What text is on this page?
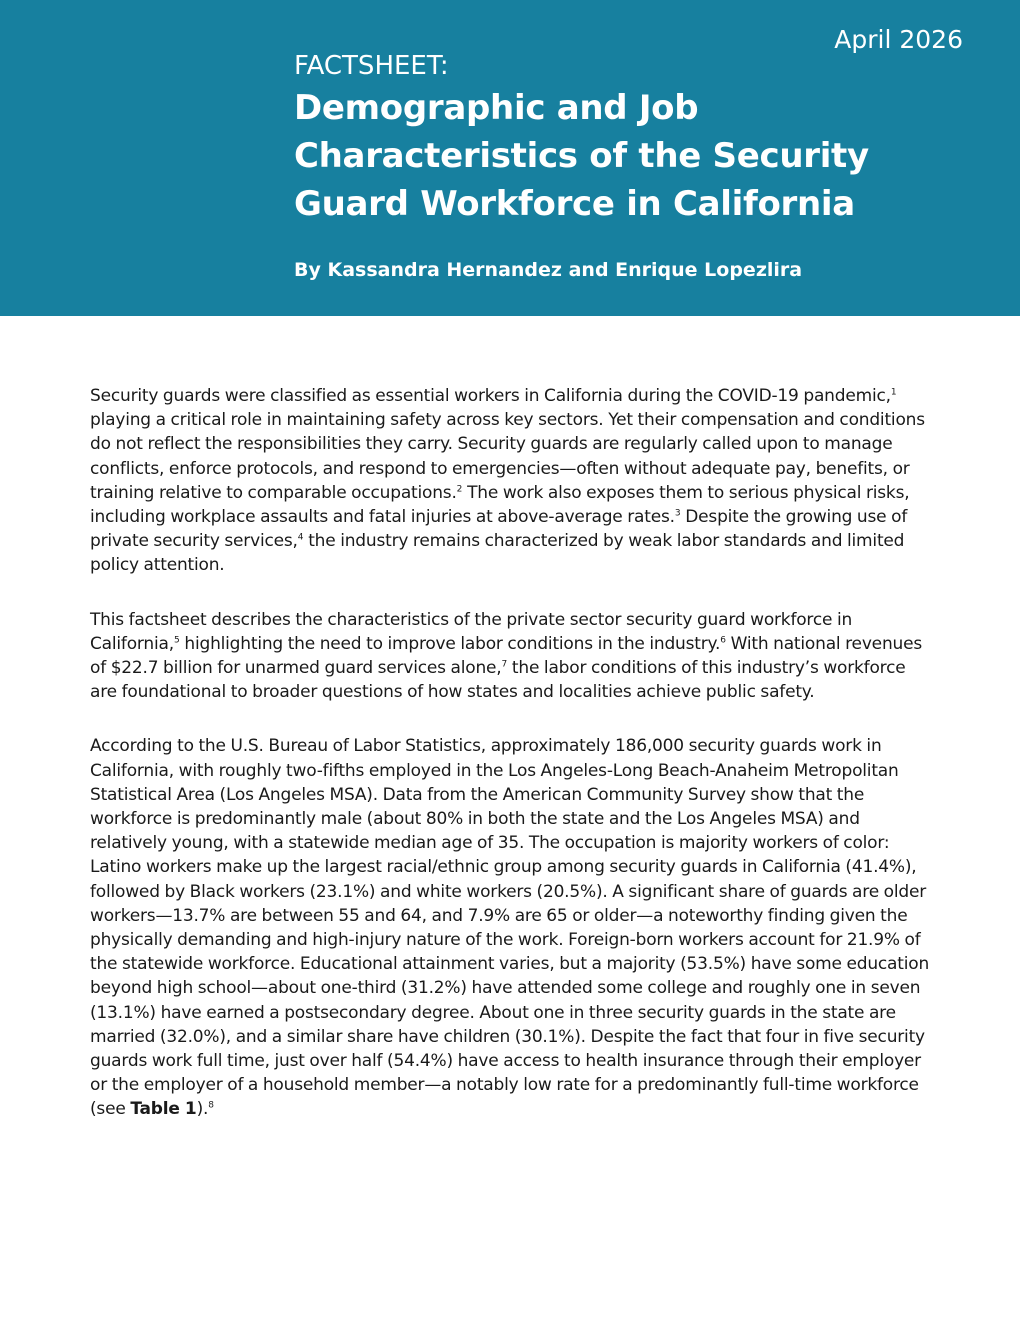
April 2026
FACTSHEET:
Demographic and Job Characteristics of the Security Guard Workforce in California
By Kassandra Hernandez and Enrique Lopezlira

Security guards were classified as essential workers in California during the COVID-19 pandemic,$^1$ playing a critical role in maintaining safety across key sectors. Yet their compensation and conditions do not reflect the responsibilities they carry. Security guards are regularly called upon to manage conflicts, enforce protocols, and respond to emergencies—often without adequate pay, benefits, or training relative to comparable occupations.$^2$ The work also exposes them to serious physical risks, including workplace assaults and fatal injuries at above-average rates.$^3$ Despite the growing use of private security services,$^4$ the industry remains characterized by weak labor standards and limited policy attention.

This factsheet describes the characteristics of the private sector security guard workforce in California,$^5$ highlighting the need to improve labor conditions in the industry.$^6$ With national revenues of $22.7 billion for unarmed guard services alone,$^7$ the labor conditions of this industry’s workforce are foundational to broader questions of how states and localities achieve public safety.

According to the U.S. Bureau of Labor Statistics, approximately 186,000 security guards work in California, with roughly two-fifths employed in the Los Angeles-Long Beach-Anaheim Metropolitan Statistical Area (Los Angeles MSA). Data from the American Community Survey show that the workforce is predominantly male (about 80% in both the state and the Los Angeles MSA) and relatively young, with a statewide median age of 35. The occupation is majority workers of color: Latino workers make up the largest racial/ethnic group among security guards in California (41.4%), followed by Black workers (23.1%) and white workers (20.5%). A significant share of guards are older workers—13.7% are between 55 and 64, and 7.9% are 65 or older—a noteworthy finding given the physically demanding and high-injury nature of the work. Foreign-born workers account for 21.9% of the statewide workforce. Educational attainment varies, but a majority (53.5%) have some education beyond high school—about one-third (31.2%) have attended some college and roughly one in seven (13.1%) have earned a postsecondary degree. About one in three security guards in the state are married (32.0%), and a similar share have children (30.1%). Despite the fact that four in five security guards work full time, just over half (54.4%) have access to health insurance through their employer or the employer of a household member—a notably low rate for a predominantly full-time workforce (see Table 1).$^8$
